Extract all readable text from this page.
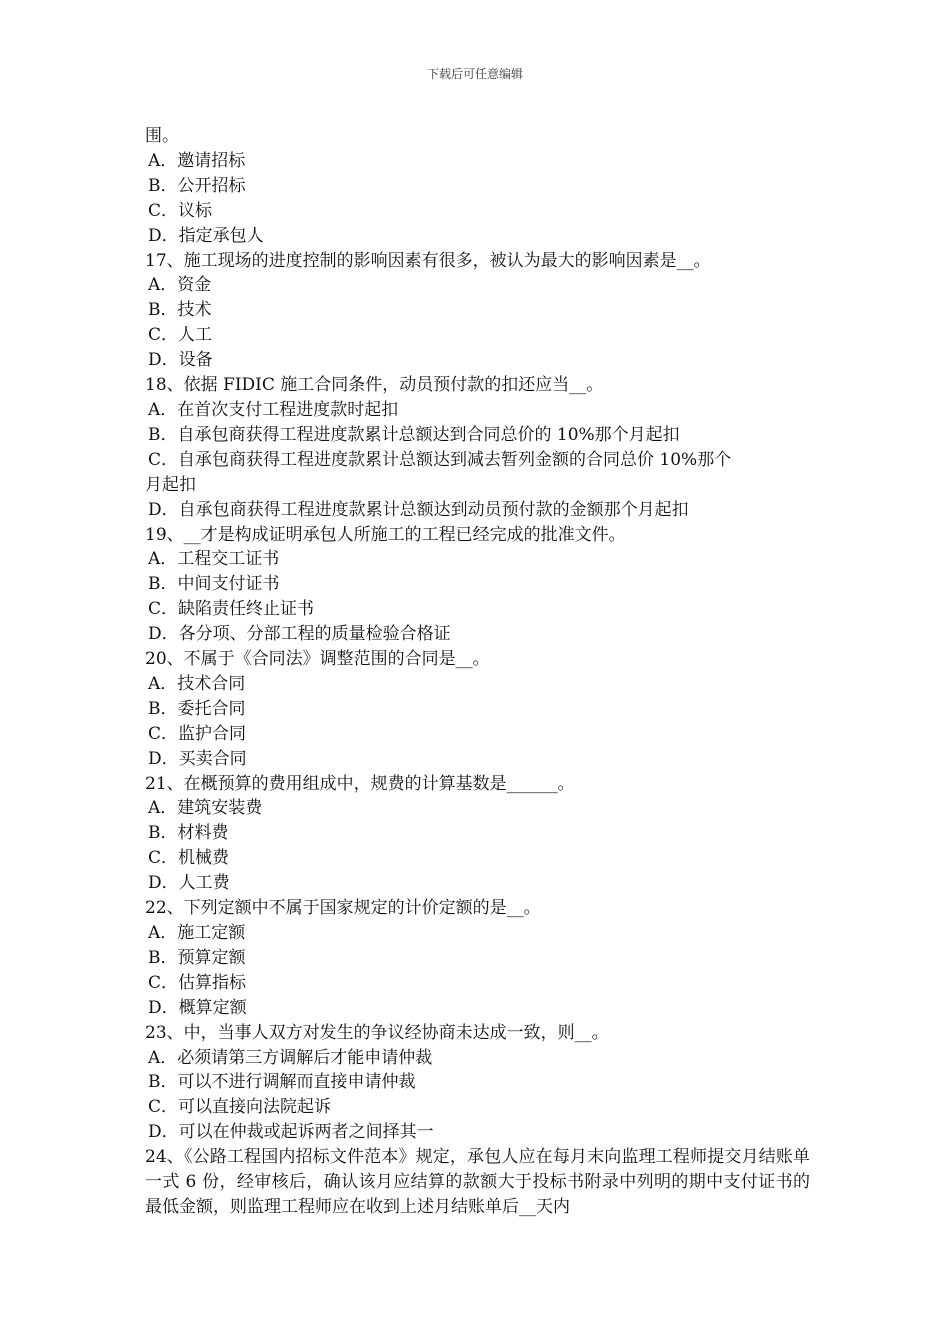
下载后可任意编辑
围。
A．邀请招标
B．公开招标
C．议标
D．指定承包人
17、施工现场的进度控制的影响因素有很多，被认为最大的影响因素是__。
A．资金
B．技术
C．人工
D．设备
18、依据 FIDIC 施工合同条件，动员预付款的扣还应当__。
A．在首次支付工程进度款时起扣
B．自承包商获得工程进度款累计总额达到合同总价的 10%那个月起扣
C．自承包商获得工程进度款累计总额达到减去暂列金额的合同总价 10%那个
月起扣
D．自承包商获得工程进度款累计总额达到动员预付款的金额那个月起扣
19、__才是构成证明承包人所施工的工程已经完成的批准文件。
A．工程交工证书
B．中间支付证书
C．缺陷责任终止证书
D．各分项、分部工程的质量检验合格证
20、不属于《合同法》调整范围的合同是__。
A．技术合同
B．委托合同
C．监护合同
D．买卖合同
21、在概预算的费用组成中，规费的计算基数是______。
A．建筑安装费
B．材料费
C．机械费
D．人工费
22、下列定额中不属于国家规定的计价定额的是__。
A．施工定额
B．预算定额
C．估算指标
D．概算定额
23、中，当事人双方对发生的争议经协商未达成一致，则__。
A．必须请第三方调解后才能申请仲裁
B．可以不进行调解而直接申请仲裁
C．可以直接向法院起诉
D．可以在仲裁或起诉两者之间择其一
24、《公路工程国内招标文件范本》规定，承包人应在每月末向监理工程师提交月结账单一式 6 份，经审核后，确认该月应结算的款额大于投标书附录中列明的期中支付证书的最低金额，则监理工程师应在收到上述月结账单后__天内
